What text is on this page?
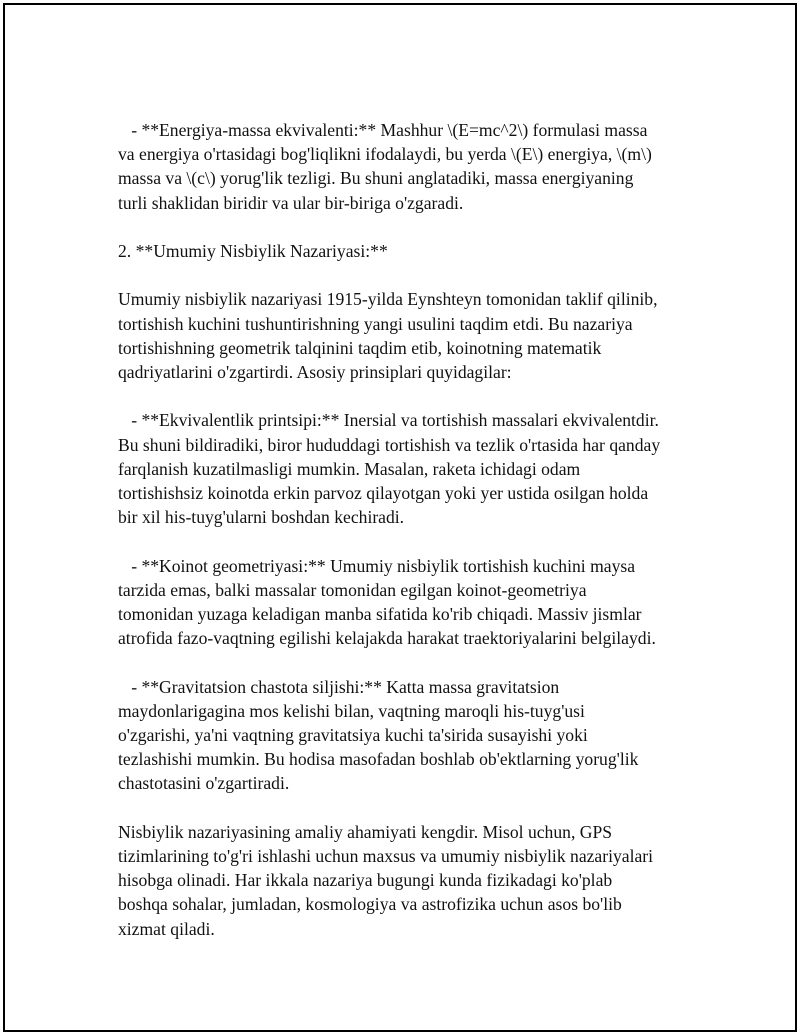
- **Energiya-massa ekvivalenti:** Mashhur \(E=mc^2\) formulasi massa
va energiya o'rtasidagi bog'liqlikni ifodalaydi, bu yerda \(E\) energiya, \(m\)
massa va \(c\) yorug'lik tezligi. Bu shuni anglatadiki, massa energiyaning
turli shaklidan biridir va ular bir-biriga o'zgaradi.

2. **Umumiy Nisbiylik Nazariyasi:**

Umumiy nisbiylik nazariyasi 1915-yilda Eynshteyn tomonidan taklif qilinib,
tortishish kuchini tushuntirishning yangi usulini taqdim etdi. Bu nazariya
tortishishning geometrik talqinini taqdim etib, koinotning matematik
qadriyatlarini o'zgartirdi. Asosiy prinsiplari quyidagilar:

- **Ekvivalentlik printsipi:** Inersial va tortishish massalari ekvivalentdir.
Bu shuni bildiradiki, biror hududdagi tortishish va tezlik o'rtasida har qanday
farqlanish kuzatilmasligi mumkin. Masalan, raketa ichidagi odam
tortishishsiz koinotda erkin parvoz qilayotgan yoki yer ustida osilgan holda
bir xil his-tuyg'ularni boshdan kechiradi.

- **Koinot geometriyasi:** Umumiy nisbiylik tortishish kuchini maysa
tarzida emas, balki massalar tomonidan egilgan koinot-geometriya
tomonidan yuzaga keladigan manba sifatida ko'rib chiqadi. Massiv jismlar
atrofida fazo-vaqtning egilishi kelajakda harakat traektoriyalarini belgilaydi.

- **Gravitatsion chastota siljishi:** Katta massa gravitatsion
maydonlarigagina mos kelishi bilan, vaqtning maroqli his-tuyg'usi
o'zgarishi, ya'ni vaqtning gravitatsiya kuchi ta'sirida susayishi yoki
tezlashishi mumkin. Bu hodisa masofadan boshlab ob'ektlarning yorug'lik
chastotasini o'zgartiradi.

Nisbiylik nazariyasining amaliy ahamiyati kengdir. Misol uchun, GPS
tizimlarining to'g'ri ishlashi uchun maxsus va umumiy nisbiylik nazariyalari
hisobga olinadi. Har ikkala nazariya bugungi kunda fizikadagi ko'plab
boshqa sohalar, jumladan, kosmologiya va astrofizika uchun asos bo'lib
xizmat qiladi.
